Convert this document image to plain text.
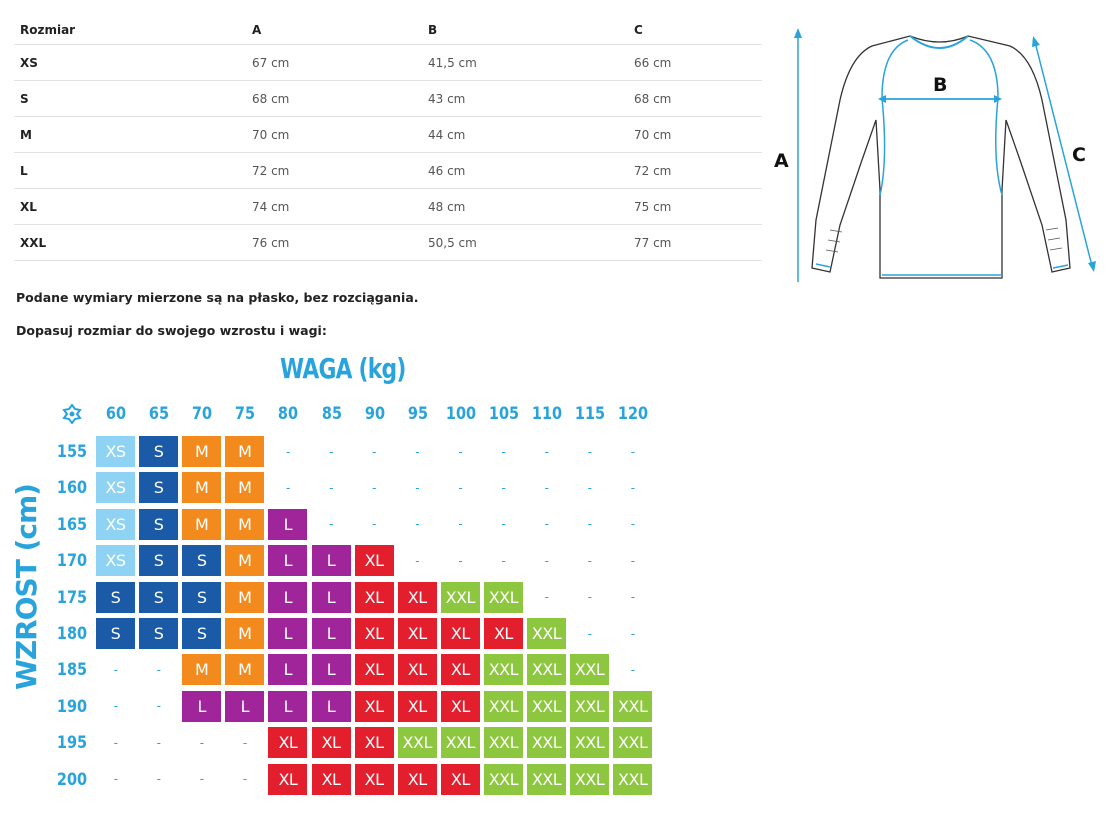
Rozmiar	A	B	C
XS	67 cm	41,5 cm	66 cm
S	68 cm	43 cm	68 cm
M	70 cm	44 cm	70 cm
L	72 cm	46 cm	72 cm
XL	74 cm	48 cm	75 cm
XXL	76 cm	50,5 cm	77 cm
Podane wymiary mierzone są na płasko, bez rozciągania.
Dopasuj rozmiar do swojego wzrostu i wagi:
A
B
C
WAGA (kg)
WZROST (cm)
60	65	70	75	80	85	90	95	100 105 110 115 120
155	XS	S	M	M	-	-	-	-	-	-	-	-	-
160	XS	S	M	M	-	-	-	-	-	-	-	-	-
165	XS	S	M	M	L	-	-	-	-	-	-	-	-
170	XS	S	S	M	L	L	XL	-	-	-	-	-	-
175	S	S	S	M	L	L	XL	XL	XXL XXL	-	-	-
180	S	S	S	M	L	L	XL	XL	XL	XL	XXL	-	-
185	-	-	M	M	L	L	XL	XL	XL	XXL XXL XXL	-
190	-	-	L	L	L	L	XL	XL	XL	XXL XXL XXL XXL
195	-	-	-	-	XL	XL	XL	XXL XXL XXL XXL XXL XXL
200	-	-	-	-	XL	XL	XL	XL	XL	XXL XXL XXL XXL
